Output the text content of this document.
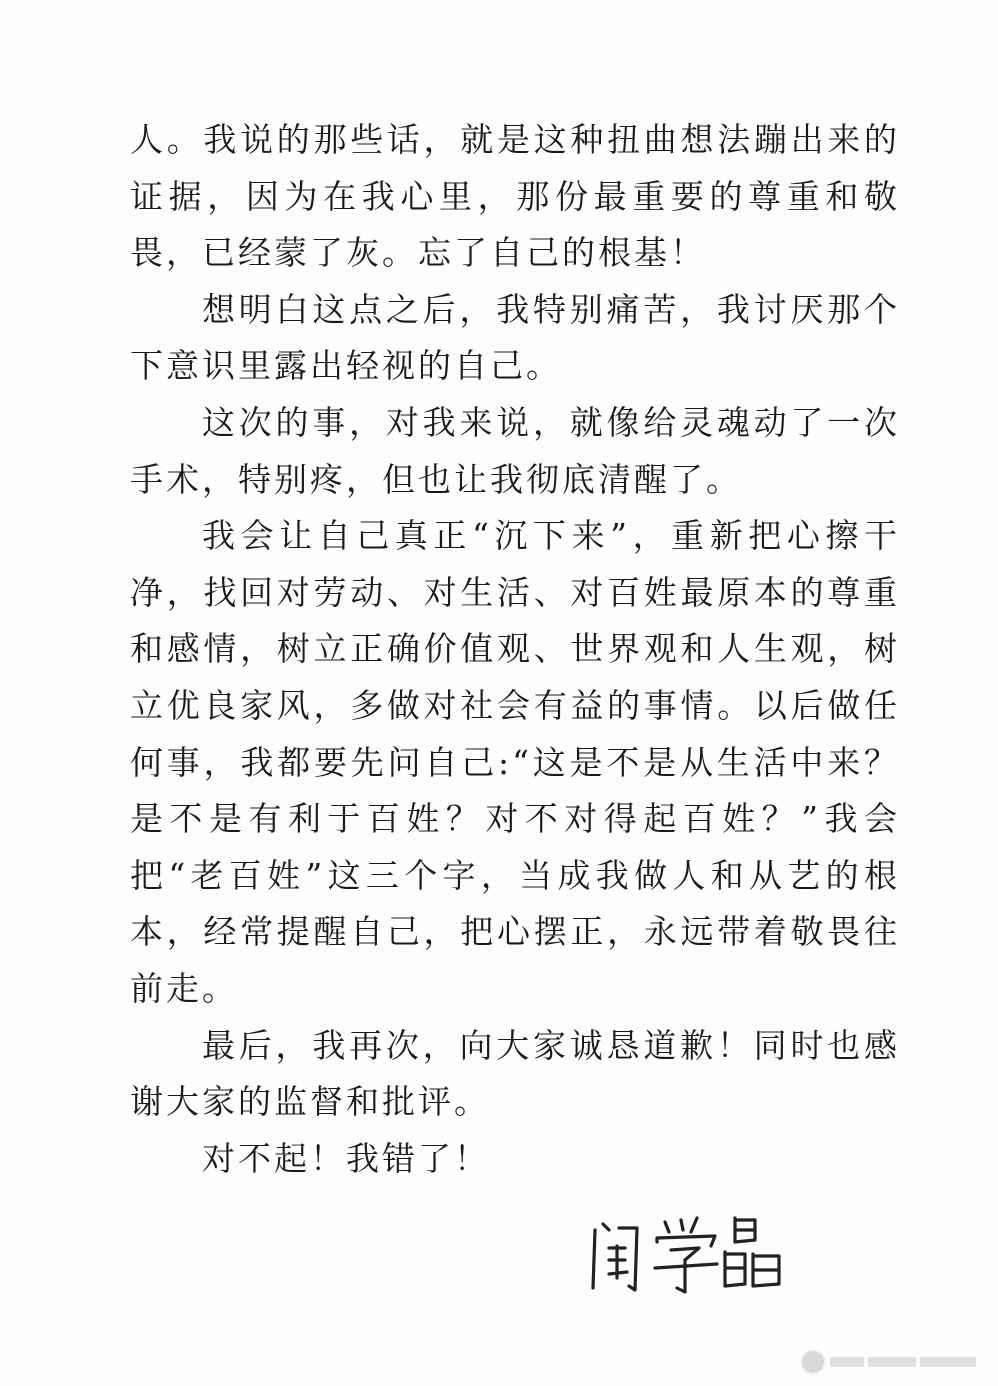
人。我说的那些话，就是这种扭曲想法蹦出来的证据，因为在我心里，那份最重要的尊重和敬畏，已经蒙了灰。忘了自己的根基！

想明白这点之后，我特别痛苦，我讨厌那个下意识里露出轻视的自己。

这次的事，对我来说，就像给灵魂动了一次手术，特别疼，但也让我彻底清醒了。

我会让自己真正“沉下来”，重新把心擦干净，找回对劳动、对生活、对百姓最原本的尊重和感情，树立正确价值观、世界观和人生观，树立优良家风，多做对社会有益的事情。以后做任何事，我都要先问自己:“这是不是从生活中来？是不是有利于百姓？对不对得起百姓？”我会把“老百姓”这三个字，当成我做人和从艺的根本，经常提醒自己，把心摆正，永远带着敬畏往前走。

最后，我再次，向大家诚恳道歉！同时也感谢大家的监督和批评。

对不起！我错了！
